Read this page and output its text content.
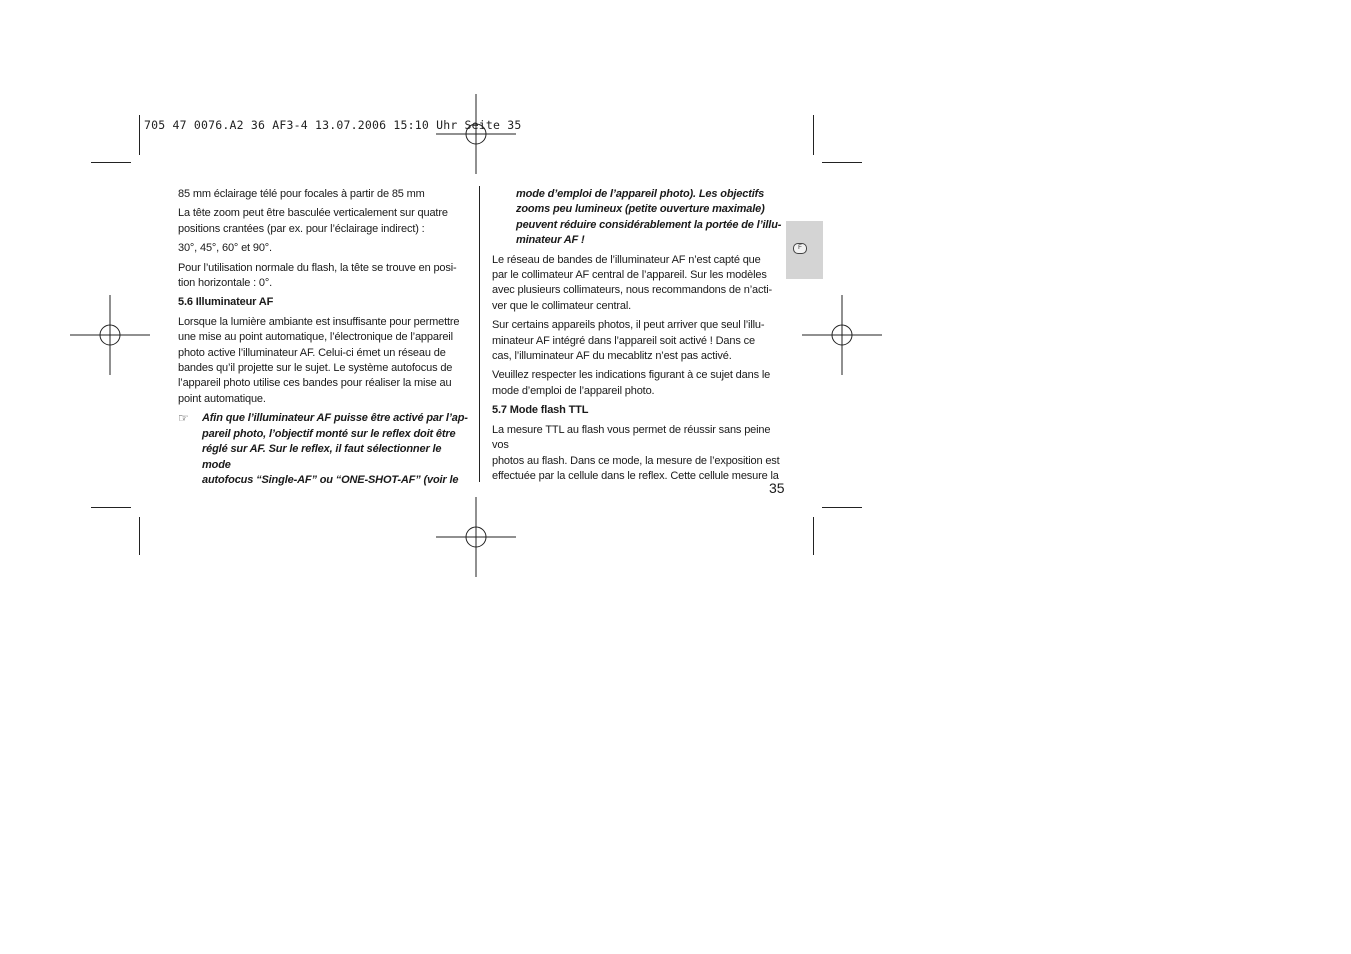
705 47 0076.A2 36 AF3-4 13.07.2006 15:10 Uhr Seite 35
F

85 mm éclairage télé pour focales à partir de 85 mm

La tête zoom peut être basculée verticalement sur quatre
positions crantées (par ex. pour l’éclairage indirect) :

30°, 45°, 60° et 90°.

Pour l’utilisation normale du flash, la tête se trouve en posi-
tion horizontale : 0°.

5.6 Illuminateur AF

Lorsque la lumière ambiante est insuffisante pour permettre
une mise au point automatique, l’électronique de l’appareil
photo active l’illuminateur AF. Celui-ci émet un réseau de
bandes qu’il projette sur le sujet. Le système autofocus de
l’appareil photo utilise ces bandes pour réaliser la mise au
point automatique.

☞	Afin que l’illuminateur AF puisse être activé par l’ap-
pareil photo, l’objectif monté sur le reflex doit être
réglé sur AF. Sur le reflex, il faut sélectionner le mode
autofocus “Single-AF” ou “ONE-SHOT-AF” (voir le

mode d’emploi de l’appareil photo). Les objectifs
zooms peu lumineux (petite ouverture maximale)
peuvent réduire considérablement la portée de l’illu-
minateur AF !

Le réseau de bandes de l’illuminateur AF n’est capté que
par le collimateur AF central de l’appareil. Sur les modèles
avec plusieurs collimateurs, nous recommandons de n’acti-
ver que le collimateur central.

Sur certains appareils photos, il peut arriver que seul l’illu-
minateur AF intégré dans l’appareil soit activé ! Dans ce
cas, l’illuminateur AF du mecablitz n’est pas activé.

Veuillez respecter les indications figurant à ce sujet dans le
mode d’emploi de l’appareil photo.

5.7 Mode flash TTL

La mesure TTL au flash vous permet de réussir sans peine vos
photos au flash. Dans ce mode, la mesure de l’exposition est
effectuée par la cellule dans le reflex. Cette cellule mesure la

35
